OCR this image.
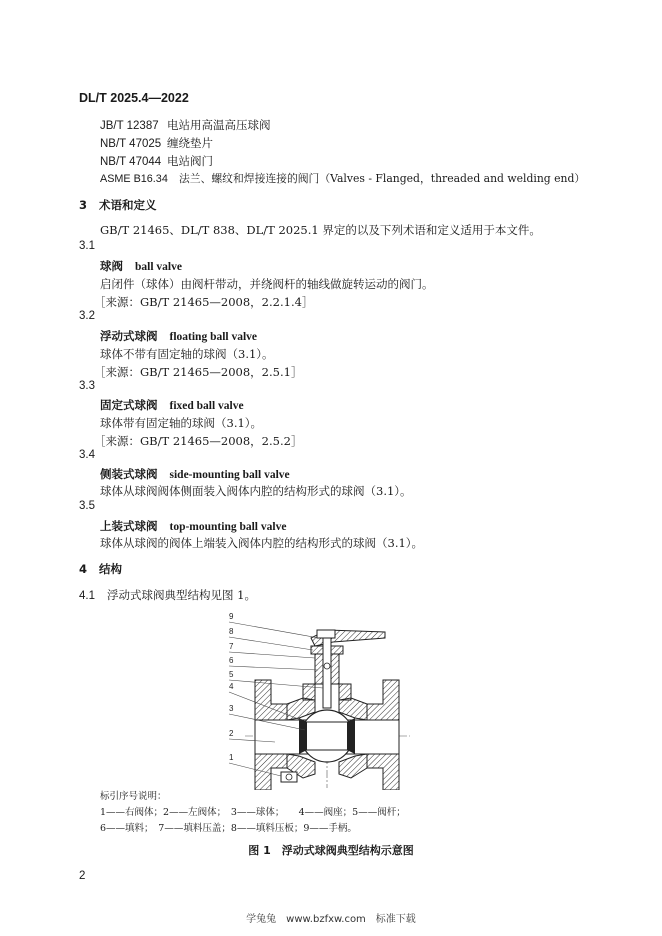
DL/T 2025.4—2022
JB/T 12387 电站用高温高压球阀
NB/T 47025 缠绕垫片
NB/T 47044 电站阀门
ASME B16.34 法兰、螺纹和焊接连接的阀门（Valves - Flanged，threaded and welding end）
3 术语和定义
GB/T 21465、DL/T 838、DL/T 2025.1 界定的以及下列术语和定义适用于本文件。
3.1
球阀 ball valve
启闭件（球体）由阀杆带动，并绕阀杆的轴线做旋转运动的阀门。
［来源：GB/T 21465—2008，2.2.1.4］
3.2
浮动式球阀 floating ball valve
球体不带有固定轴的球阀（3.1）。
［来源：GB/T 21465—2008，2.5.1］
3.3
固定式球阀 fixed ball valve
球体带有固定轴的球阀（3.1）。
［来源：GB/T 21465—2008，2.5.2］
3.4
侧装式球阀 side-mounting ball valve
球体从球阀阀体侧面装入阀体内腔的结构形式的球阀（3.1）。
3.5
上装式球阀 top-mounting ball valve
球体从球阀的阀体上端装入阀体内腔的结构形式的球阀（3.1）。
4 结构
4.1 浮动式球阀典型结构见图 1。
9
8
7
6
5
4
3
2
1
标引序号说明：
1——右阀体；2——左阀体；　3——球体；　　4——阀座；5——阀杆；
6——填料；　7——填料压盖；8——填料压板；9——手柄。
图 1　浮动式球阀典型结构示意图
2
学兔兔　www.bzfxw.com　标准下载
